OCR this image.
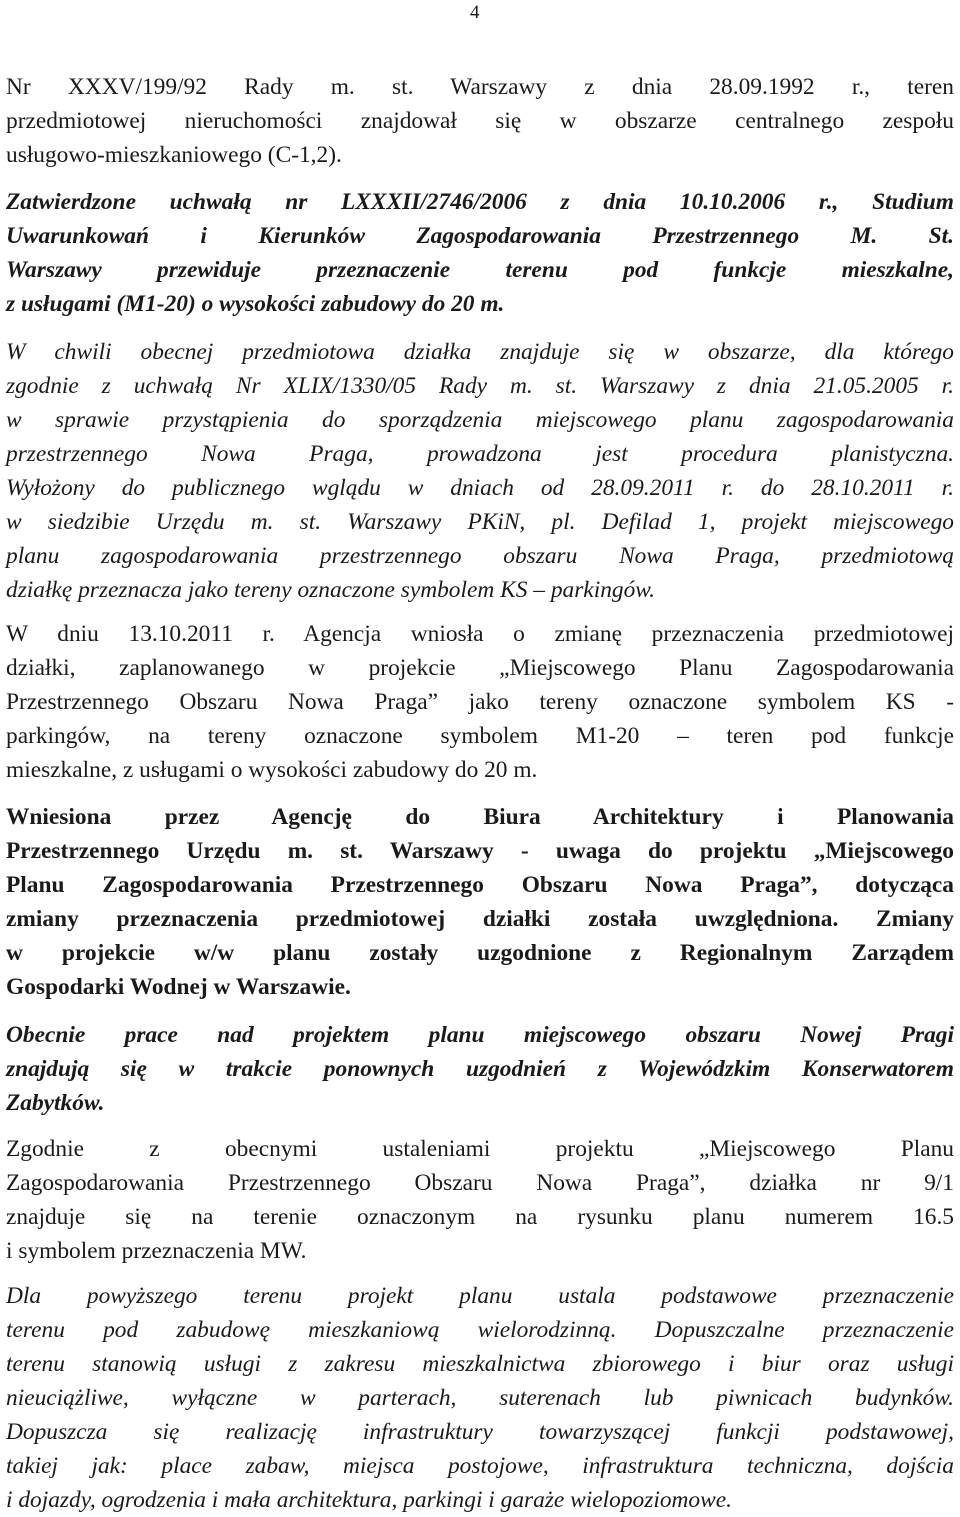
4
Nr XXXV/199/92 Rady m. st. Warszawy z dnia 28.09.1992 r., teren
przedmiotowej nieruchomości znajdował się w obszarze centralnego zespołu
usługowo-mieszkaniowego (C-1,2).
Zatwierdzone uchwałą nr LXXXII/2746/2006 z dnia 10.10.2006 r., Studium
Uwarunkowań i Kierunków Zagospodarowania Przestrzennego M. St.
Warszawy przewiduje przeznaczenie terenu pod funkcje mieszkalne,
z usługami (M1-20) o wysokości zabudowy do 20 m.
W chwili obecnej przedmiotowa działka znajduje się w obszarze, dla którego
zgodnie z uchwałą Nr XLIX/1330/05 Rady m. st. Warszawy z dnia 21.05.2005 r.
w sprawie przystąpienia do sporządzenia miejscowego planu zagospodarowania
przestrzennego Nowa Praga, prowadzona jest procedura planistyczna.
Wyłożony do publicznego wglądu w dniach od 28.09.2011 r. do 28.10.2011 r.
w siedzibie Urzędu m. st. Warszawy PKiN, pl. Defilad 1, projekt miejscowego
planu zagospodarowania przestrzennego obszaru Nowa Praga, przedmiotową
działkę przeznacza jako tereny oznaczone symbolem KS – parkingów.
W dniu 13.10.2011 r. Agencja wniosła o zmianę przeznaczenia przedmiotowej
działki, zaplanowanego w projekcie „Miejscowego Planu Zagospodarowania
Przestrzennego Obszaru Nowa Praga” jako tereny oznaczone symbolem KS -
parkingów, na tereny oznaczone symbolem M1-20 – teren pod funkcje
mieszkalne, z usługami o wysokości zabudowy do 20 m.
Wniesiona przez Agencję do Biura Architektury i Planowania
Przestrzennego Urzędu m. st. Warszawy - uwaga do projektu „Miejscowego
Planu Zagospodarowania Przestrzennego Obszaru Nowa Praga”, dotycząca
zmiany przeznaczenia przedmiotowej działki została uwzględniona. Zmiany
w projekcie w/w planu zostały uzgodnione z Regionalnym Zarządem
Gospodarki Wodnej w Warszawie.
Obecnie prace nad projektem planu miejscowego obszaru Nowej Pragi
znajdują się w trakcie ponownych uzgodnień z Wojewódzkim Konserwatorem
Zabytków.
Zgodnie z obecnymi ustaleniami projektu „Miejscowego Planu
Zagospodarowania Przestrzennego Obszaru Nowa Praga”, działka nr 9/1
znajduje się na terenie oznaczonym na rysunku planu numerem 16.5
i symbolem przeznaczenia MW.
Dla powyższego terenu projekt planu ustala podstawowe przeznaczenie
terenu pod zabudowę mieszkaniową wielorodzinną. Dopuszczalne przeznaczenie
terenu stanowią usługi z zakresu mieszkalnictwa zbiorowego i biur oraz usługi
nieuciążliwe, wyłączne w parterach, suterenach lub piwnicach budynków.
Dopuszcza się realizację infrastruktury towarzyszącej funkcji podstawowej,
takiej jak: place zabaw, miejsca postojowe, infrastruktura techniczna, dojścia
i dojazdy, ogrodzenia i mała architektura, parkingi i garaże wielopoziomowe.
